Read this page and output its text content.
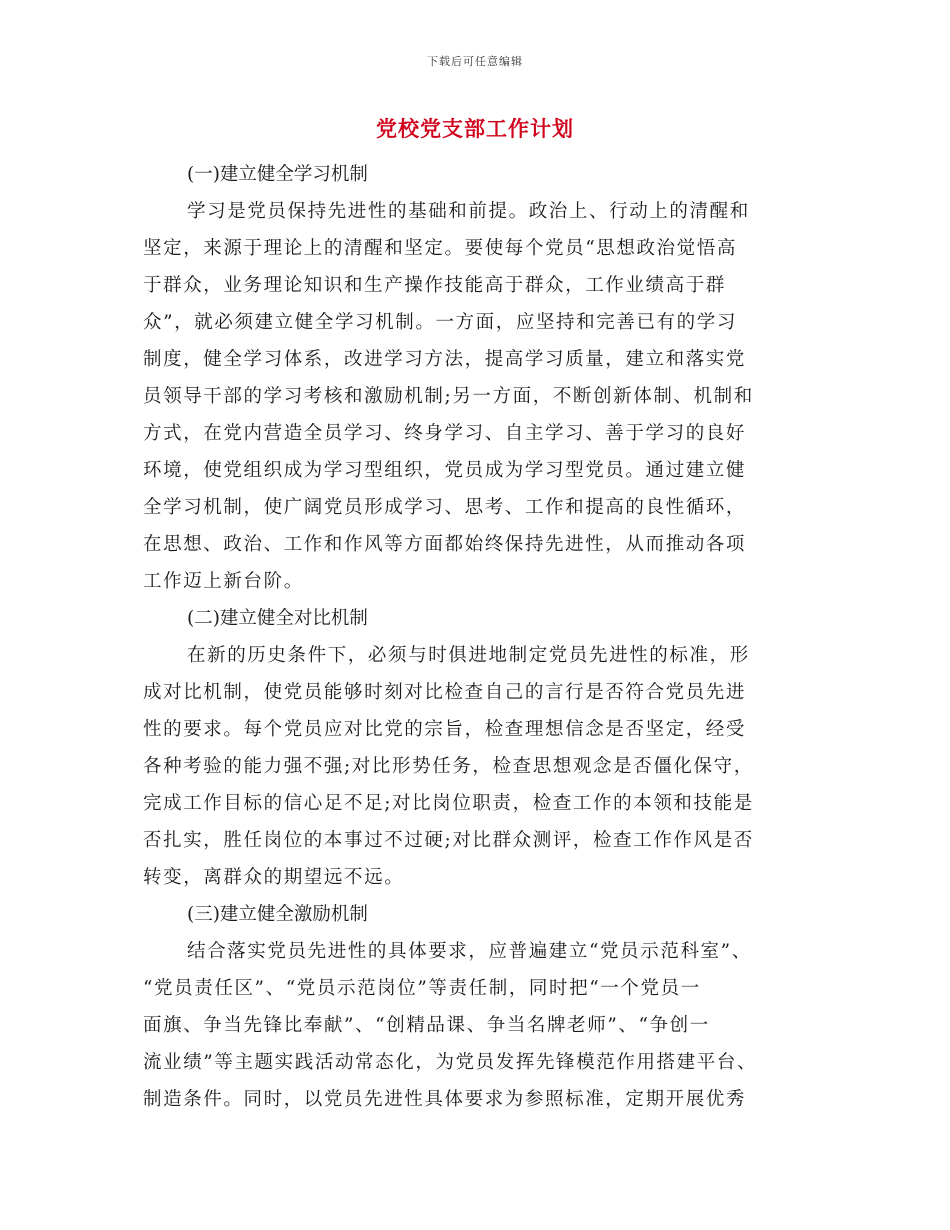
下载后可任意编辑
党校党支部工作计划
(一)建立健全学习机制
学习是党员保持先进性的基础和前提。政治上、行动上的清醒和
坚定，来源于理论上的清醒和坚定。要使每个党员“思想政治觉悟高
于群众，业务理论知识和生产操作技能高于群众，工作业绩高于群
众”，就必须建立健全学习机制。一方面，应坚持和完善已有的学习
制度，健全学习体系，改进学习方法，提高学习质量，建立和落实党
员领导干部的学习考核和激励机制;另一方面，不断创新体制、机制和
方式，在党内营造全员学习、终身学习、自主学习、善于学习的良好
环境，使党组织成为学习型组织，党员成为学习型党员。通过建立健
全学习机制，使广阔党员形成学习、思考、工作和提高的良性循环，
在思想、政治、工作和作风等方面都始终保持先进性，从而推动各项
工作迈上新台阶。
(二)建立健全对比机制
在新的历史条件下，必须与时俱进地制定党员先进性的标准，形
成对比机制，使党员能够时刻对比检查自己的言行是否符合党员先进
性的要求。每个党员应对比党的宗旨，检查理想信念是否坚定，经受
各种考验的能力强不强;对比形势任务，检查思想观念是否僵化保守，
完成工作目标的信心足不足;对比岗位职责，检查工作的本领和技能是
否扎实，胜任岗位的本事过不过硬;对比群众测评，检查工作作风是否
转变，离群众的期望远不远。
(三)建立健全激励机制
结合落实党员先进性的具体要求，应普遍建立“党员示范科室”、
“党员责任区”、“党员示范岗位”等责任制，同时把“一个党员一
面旗、争当先锋比奉献”、“创精品课、争当名牌老师”、“争创一
流业绩”等主题实践活动常态化，为党员发挥先锋模范作用搭建平台、
制造条件。同时，以党员先进性具体要求为参照标准，定期开展优秀
